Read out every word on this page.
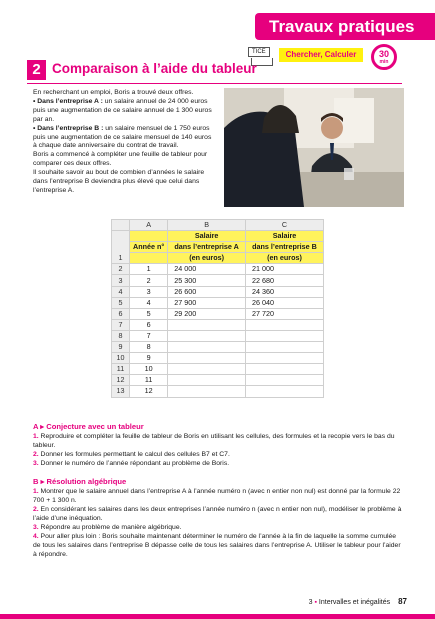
Travaux pratiques
TICE	Chercher, Calculer	30
min
2 Comparaison à l’aide du tableur

En recherchant un emploi, Boris a trouvé deux offres.

• Dans l’entreprise A : un salaire annuel de 24 000 euros puis une augmentation de ce salaire annuel de 1 300 euros par an.

• Dans l’entreprise B : un salaire mensuel de 1 750 euros puis une augmentation de ce salaire mensuel de 140 euros à chaque date anniversaire du contrat de travail.

Boris a commencé à compléter une feuille de tableur pour comparer ces deux offres.

Il souhaite savoir au bout de combien d’années le salaire dans l’entreprise B deviendra plus élevé que celui dans l’entreprise A.

	A	B	C
1		Salaire	Salaire
	Année n°	dans l’entreprise A	dans l’entreprise B
		(en euros)	(en euros)
2	1	24 000	21 000
3	2	25 300	22 680
4	3	26 600	24 360
5	4	27 900	26 040
6	5	29 200	27 720
7	6		
8	7		
9	8		
10	9		
11	10		
12	11		
13	12		
A ▸ Conjecture avec un tableur

1. Reproduire et compléter la feuille de tableur de Boris en utilisant les cellules, des formules et la recopie vers le bas du tableur.

2. Donner les formules permettant le calcul des cellules B7 et C7.

3. Donner le numéro de l’année répondant au problème de Boris.

B ▸ Résolution algébrique

1. Montrer que le salaire annuel dans l’entreprise A à l’année numéro n (avec n entier non nul) est donné par la formule 22 700 + 1 300 n.

2. En considérant les salaires dans les deux entreprises l’année numéro n (avec n entier non nul), modéliser le problème à l’aide d’une inéquation.

3. Répondre au problème de manière algébrique.

4. Pour aller plus loin : Boris souhaite maintenant déterminer le numéro de l’année à la fin de laquelle la somme cumulée de tous les salaires dans l’entreprise B dépasse celle de tous les salaires dans l’entreprise A. Utiliser le tableur pour l’aider à répondre.

3 ▪ Intervalles et inégalités 87
